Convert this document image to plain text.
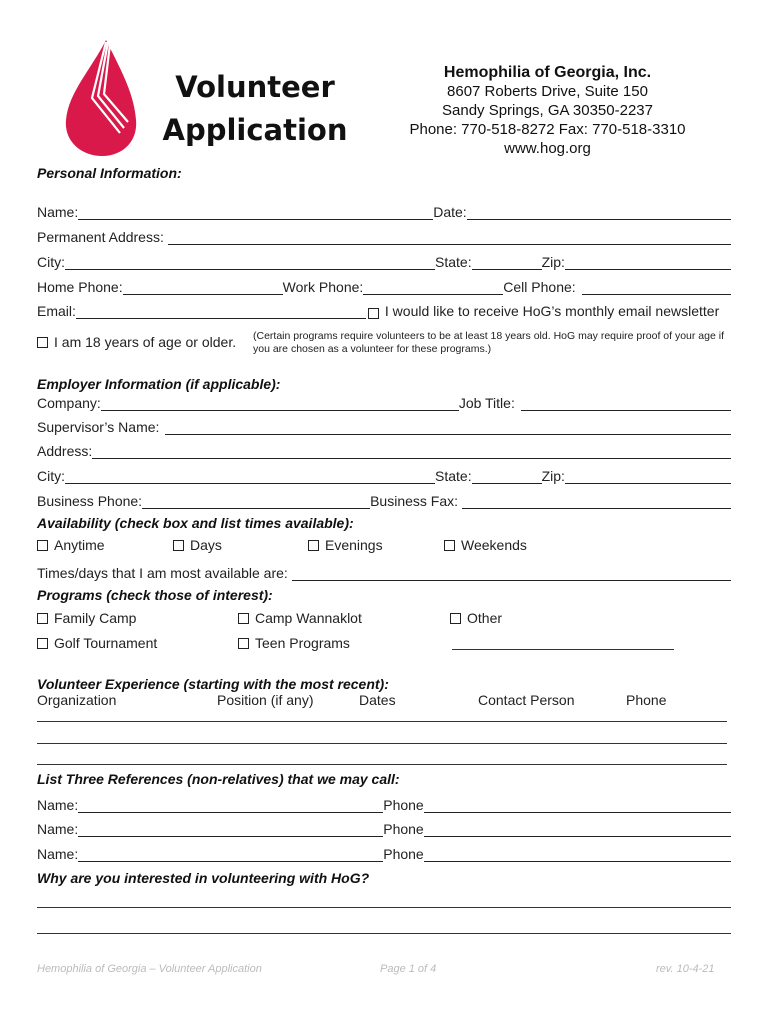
Volunteer
Application
Hemophilia of Georgia, Inc.
8607 Roberts Drive, Suite 150
Sandy Springs, GA 30350-2237
Phone: 770-518-8272 Fax: 770-518-3310
www.hog.org
Personal Information:
Name:	Date:
Permanent Address:
City:	State:	Zip:
Home Phone:	Work Phone:	Cell Phone:
Email:	I would like to receive HoG’s monthly email newsletter
I am 18 years of age or older. (Certain programs require volunteers to be at least 18 years old. HoG may require proof of your age if you are chosen as a volunteer for these programs.)
Employer Information (if applicable):
Company:	Job Title:
Supervisor’s Name:
Address:
City:	State:	Zip:
Business Phone:	Business Fax:
Availability (check box and list times available):
Anytime	Days	Evenings	Weekends
Times/days that I am most available are:
Programs (check those of interest):
Family Camp	Camp Wannaklot	Other
Golf Tournament	Teen Programs
Volunteer Experience (starting with the most recent):
Organization	Position (if any)	Dates	Contact Person	Phone
List Three References (non-relatives) that we may call:
Name:	Phone
Name:	Phone
Name:	Phone
Why are you interested in volunteering with HoG?
Hemophilia of Georgia – Volunteer Application	Page 1 of 4	rev. 10-4-21
